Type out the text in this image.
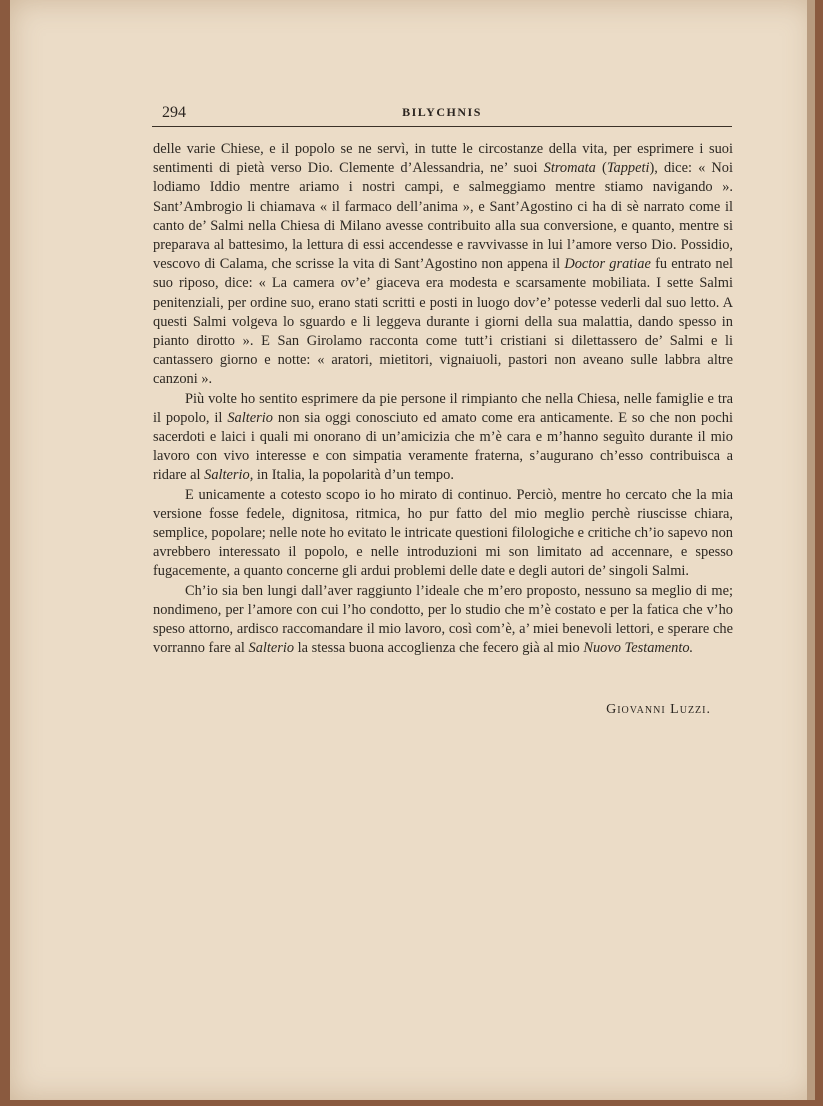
294	BILYCHNIS

delle varie Chiese, e il popolo se ne servì, in tutte le circostanze della vita, per esprimere i suoi sentimenti di pietà verso Dio. Clemente d’Alessandria, ne’ suoi Stromata (Tappeti), dice: « Noi lodiamo Iddio mentre ariamo i nostri campi, e salmeggiamo mentre stiamo navigando ». Sant’Ambrogio li chiamava « il farmaco dell’anima », e Sant’Agostino ci ha di sè narrato come il canto de’ Salmi nella Chiesa di Milano avesse contribuito alla sua conversione, e quanto, mentre si preparava al battesimo, la lettura di essi accendesse e ravvivasse in lui l’amore verso Dio. Possidio, vescovo di Calama, che scrisse la vita di Sant’Agostino non appena il Doctor gratiae fu entrato nel suo riposo, dice: « La camera ov’e’ giaceva era modesta e scarsamente mobiliata. I sette Salmi penitenziali, per ordine suo, erano stati scritti e posti in luogo dov’e’ potesse vederli dal suo letto. A questi Salmi volgeva lo sguardo e li leggeva durante i giorni della sua malattia, dando spesso in pianto dirotto ». E San Girolamo racconta come tutt’i cristiani si dilettassero de’ Salmi e li cantassero giorno e notte: « aratori, mietitori, vignaiuoli, pastori non aveano sulle labbra altre canzoni ».

Più volte ho sentito esprimere da pie persone il rimpianto che nella Chiesa, nelle famiglie e tra il popolo, il Salterio non sia oggi conosciuto ed amato come era anticamente. E so che non pochi sacerdoti e laici i quali mi onorano di un’amicizia che m’è cara e m’hanno seguìto durante il mio lavoro con vivo interesse e con simpatia veramente fraterna, s’augurano ch’esso contribuisca a ridare al Salterio, in Italia, la popolarità d’un tempo.

E unicamente a cotesto scopo io ho mirato di continuo. Perciò, mentre ho cercato che la mia versione fosse fedele, dignitosa, ritmica, ho pur fatto del mio meglio perchè riuscisse chiara, semplice, popolare; nelle note ho evitato le intricate questioni filologiche e critiche ch’io sapevo non avrebbero interessato il popolo, e nelle introduzioni mi son limitato ad accennare, e spesso fugacemente, a quanto concerne gli ardui problemi delle date e degli autori de’ singoli Salmi.

Ch’io sia ben lungi dall’aver raggiunto l’ideale che m’ero proposto, nessuno sa meglio di me; nondimeno, per l’amore con cui l’ho condotto, per lo studio che m’è costato e per la fatica che v’ho speso attorno, ardisco raccomandare il mio lavoro, così com’è, a’ miei benevoli lettori, e sperare che vorranno fare al Salterio la stessa buona accoglienza che fecero già al mio Nuovo Testamento.

Giovanni Luzzi.
